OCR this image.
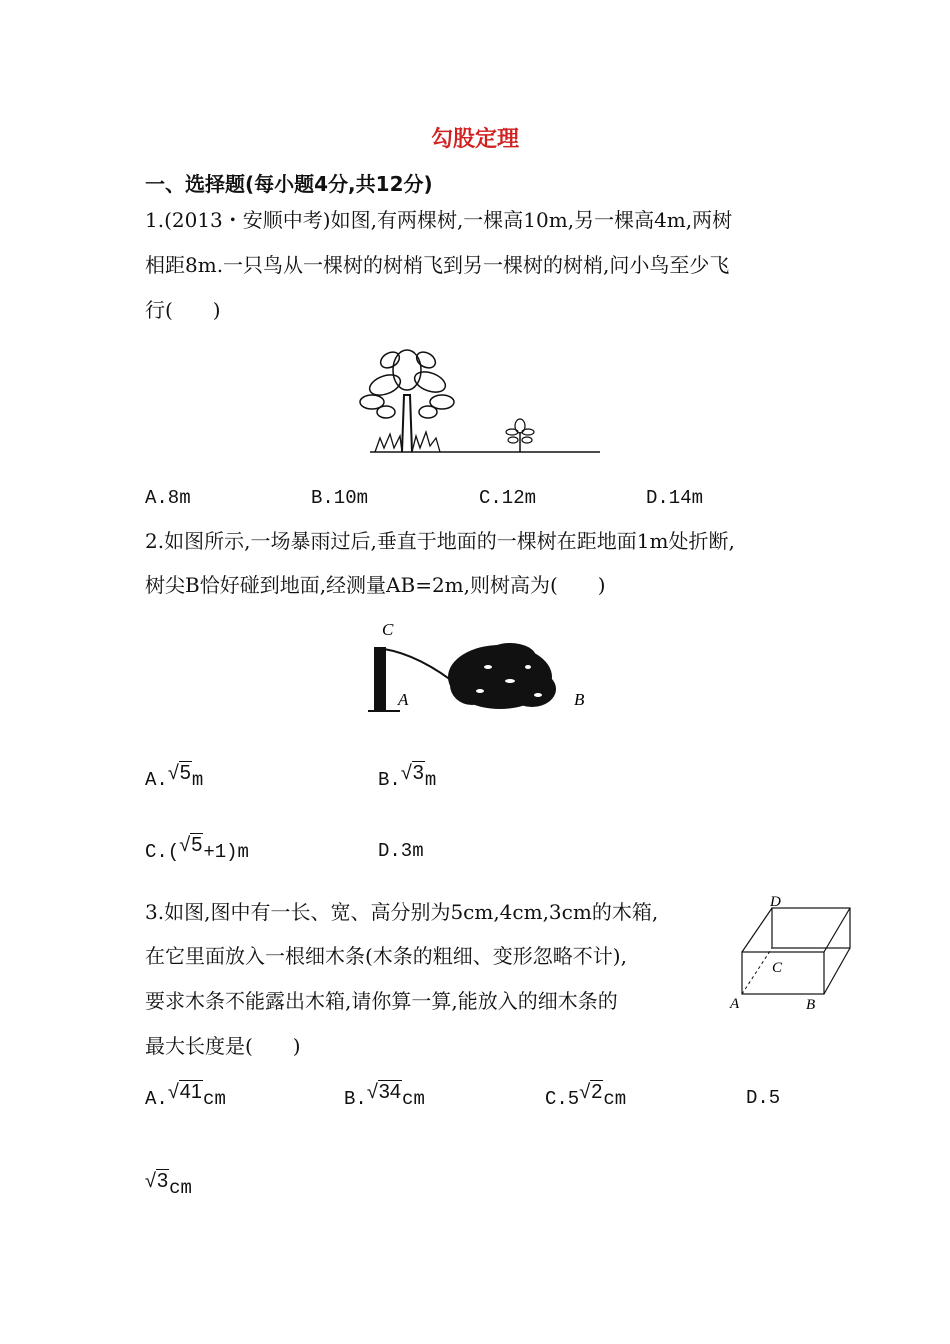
勾股定理
一、选择题(每小题4分,共12分)
1.(2013・安顺中考)如图,有两棵树,一棵高10m,另一棵高4m,两树
相距8m.一只鸟从一棵树的树梢飞到另一棵树的树梢,问小鸟至少飞
行(　　)
A.8m	B.10m	C.12m	D.14m
2.如图所示,一场暴雨过后,垂直于地面的一棵树在距地面1m处折断,
树尖B恰好碰到地面,经测量AB=2m,则树高为(　　)
C
A	B
A.√5m	B.√3m
C.(√5+1)m	D.3m
3.如图,图中有一长、宽、高分别为5cm,4cm,3cm的木箱,
在它里面放入一根细木条(木条的粗细、变形忽略不计),
要求木条不能露出木箱,请你算一算,能放入的细木条的
最大长度是(　　)
D
C
A	B
A.√41cm	B.√34cm	C.5√2cm	D.5
√3cm
